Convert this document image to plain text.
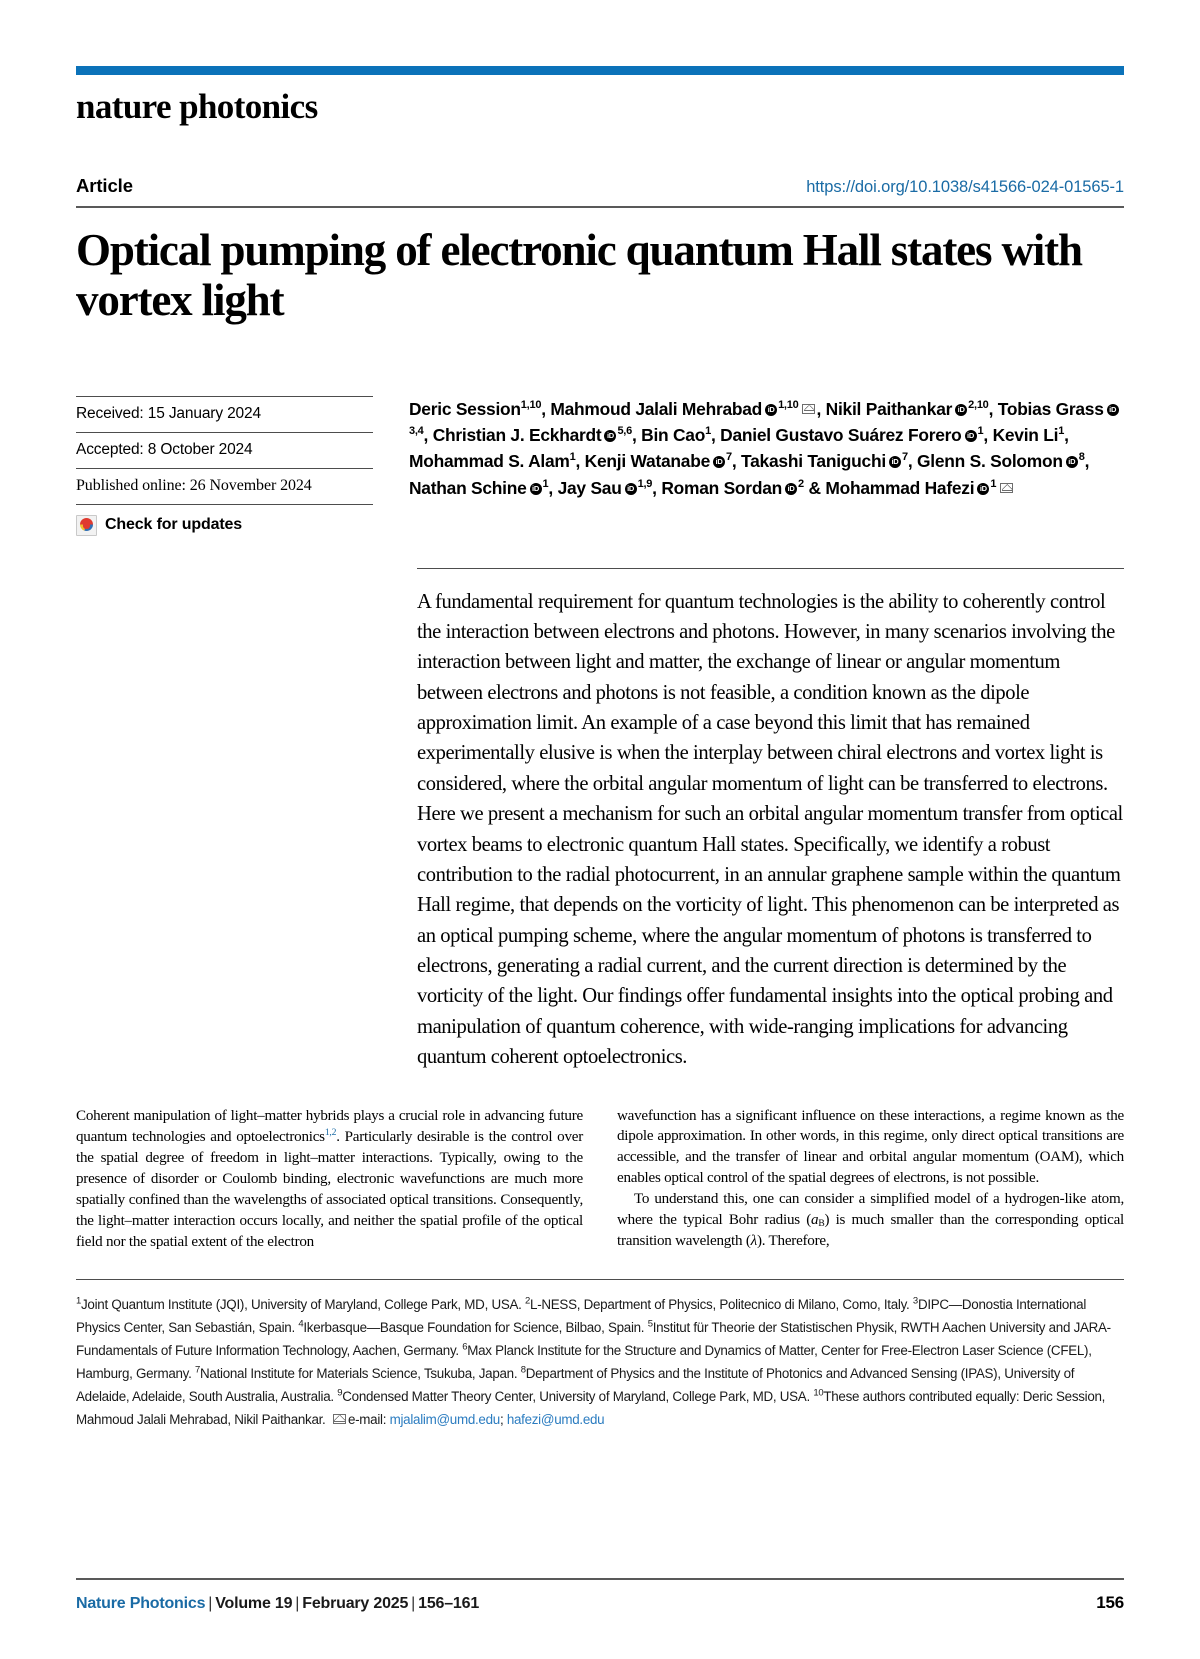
nature photonics
Article	https://doi.org/10.1038/s41566-024-01565-1
Optical pumping of electronic quantum Hall states with vortex light
Received: 15 January 2024
Accepted: 8 October 2024
Published online: 26 November 2024
Check for updates
Deric Session$^{1,10}$, Mahmoud Jalali Mehrabad iD $^{1,10}$ , Nikil Paithankar iD $^{2,10}$, Tobias GrassiD$^{3,4}$, Christian J. Eckhardt iD $^{5,6}$, Bin Cao$^1$, Daniel Gustavo Suárez Forero iD $^1$, Kevin Li$^1$, Mohammad S. Alam$^1$, Kenji Watanabe iD $^7$, Takashi Taniguchi iD $^7$, Glenn S. Solomon iD $^8$, Nathan Schine iD $^1$, Jay Sau iD $^{1,9}$, Roman Sordan iD $^2$ & Mohammad Hafezi iD $^1$
A fundamental requirement for quantum technologies is the ability to coherently control the interaction between electrons and photons. However, in many scenarios involving the interaction between light and matter, the exchange of linear or angular momentum between electrons and photons is not feasible, a condition known as the dipole approximation limit. An example of a case beyond this limit that has remained experimentally elusive is when the interplay between chiral electrons and vortex light is considered, where the orbital angular momentum of light can be transferred to electrons. Here we present a mechanism for such an orbital angular momentum transfer from optical vortex beams to electronic quantum Hall states. Specifically, we identify a robust contribution to the radial photocurrent, in an annular graphene sample within the quantum Hall regime, that depends on the vorticity of light. This phenomenon can be interpreted as an optical pumping scheme, where the angular momentum of photons is transferred to electrons, generating a radial current, and the current direction is determined by the vorticity of the light. Our findings offer fundamental insights into the optical probing and manipulation of quantum coherence, with wide-ranging implications for advancing quantum coherent optoelectronics.

Coherent manipulation of light–matter hybrids plays a crucial role in advancing future quantum technologies and optoelectronics$^{1,2}$. Particularly desirable is the control over the spatial degree of freedom in light–matter interactions. Typically, owing to the presence of disorder or Coulomb binding, electronic wavefunctions are much more spatially confined than the wavelengths of associated optical transitions. Consequently, the light–matter interaction occurs locally, and neither the spatial profile of the optical field nor the spatial extent of the electron

wavefunction has a significant influence on these interactions, a regime known as the dipole approximation. In other words, in this regime, only direct optical transitions are accessible, and the transfer of linear and orbital angular momentum (OAM), which enables optical control of the spatial degrees of electrons, is not possible.

To understand this, one can consider a simplified model of a hydrogen-like atom, where the typical Bohr radius $(a_B)$ is much smaller than the corresponding optical transition wavelength (λ). Therefore,

$^1$Joint Quantum Institute (JQI), University of Maryland, College Park, MD, USA. $^2$L-NESS, Department of Physics, Politecnico di Milano, Como, Italy. $^3$DIPC—Donostia International Physics Center, San Sebastián, Spain. $^4$Ikerbasque—Basque Foundation for Science, Bilbao, Spain. $^5$Institut für Theorie der Statistischen Physik, RWTH Aachen University and JARA-Fundamentals of Future Information Technology, Aachen, Germany. $^6$Max Planck Institute for the Structure and Dynamics of Matter, Center for Free-Electron Laser Science (CFEL), Hamburg, Germany. $^7$National Institute for Materials Science, Tsukuba, Japan. $^8$Department of Physics and the Institute of Photonics and Advanced Sensing (IPAS), University of Adelaide, Adelaide, South Australia, Australia. $^9$Condensed Matter Theory Center, University of Maryland, College Park, MD, USA. $^{10}$These authors contributed equally: Deric Session, Mahmoud Jalali Mehrabad, Nikil Paithankar. e-mail: mjalalim@umd.edu; hafezi@umd.edu
Nature Photonics | Volume 19 | February 2025 | 156–161	156
